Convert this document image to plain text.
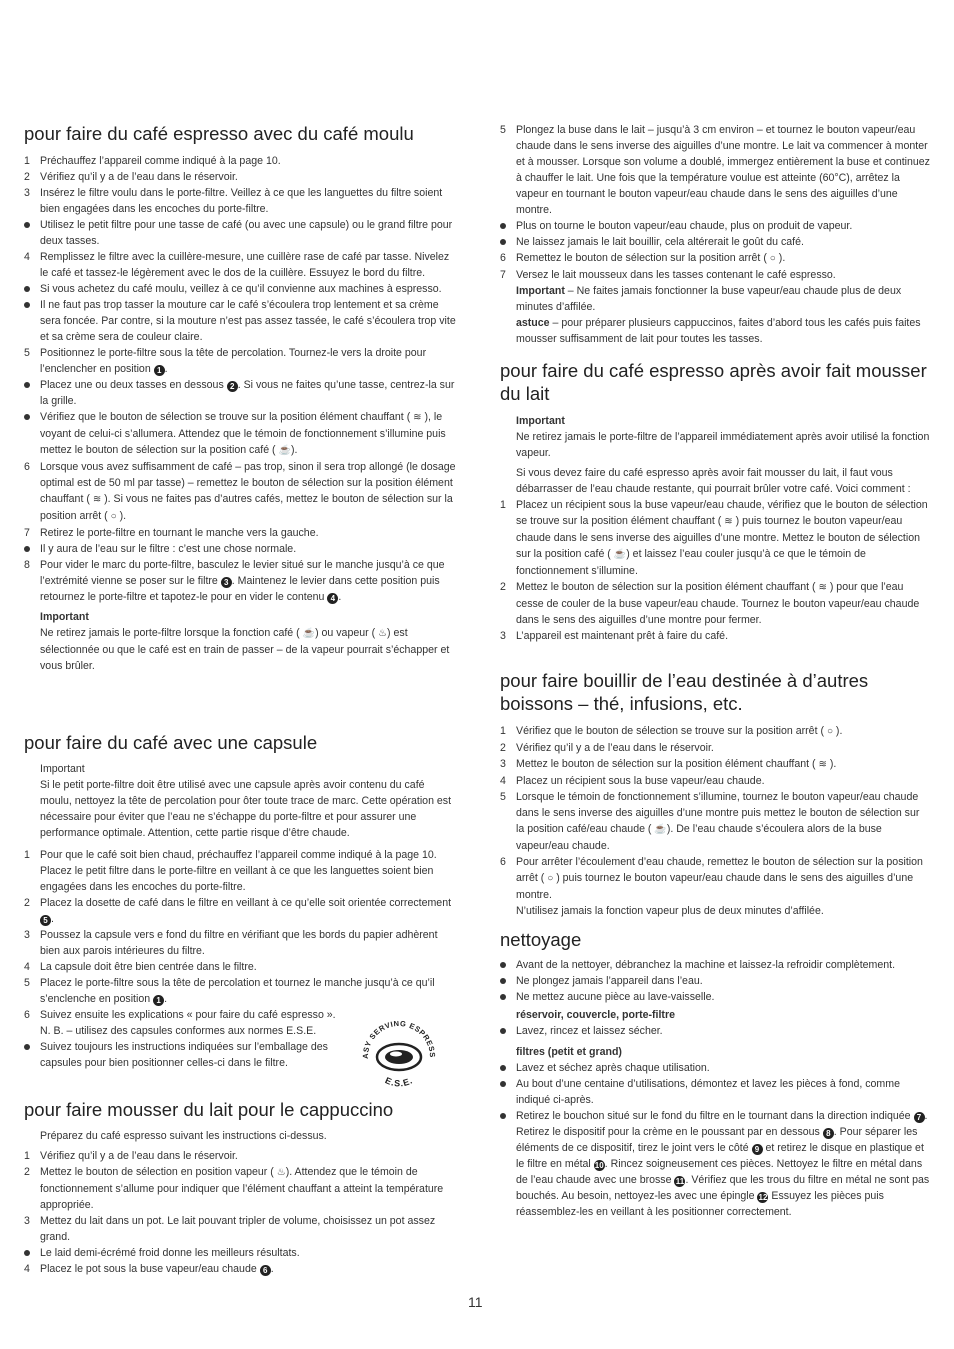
pour faire du café espresso avec du café moulu

1 Préchauffez l’appareil comme indiqué à la page 10.

2 Vérifiez qu’il y a de l’eau dans le réservoir.

3 Insérez le filtre voulu dans le porte-filtre. Veillez à ce que les languettes du filtre soient bien engagées dans les encoches du porte-filtre.

Utilisez le petit filtre pour une tasse de café (ou avec une capsule) ou le grand filtre pour deux tasses.

4 Remplissez le filtre avec la cuillère-mesure, une cuillère rase de café par tasse. Nivelez le café et tassez-le légèrement avec le dos de la cuillère. Essuyez le bord du filtre.

Si vous achetez du café moulu, veillez à ce qu’il convienne aux machines à espresso.

Il ne faut pas trop tasser la mouture car le café s’écoulera trop lentement et sa crème sera foncée. Par contre, si la mouture n’est pas assez tassée, le café s’écoulera trop vite et sa crème sera de couleur claire.

5 Positionnez le porte-filtre sous la tête de percolation. Tournez-le vers la droite pour l’enclencher en position 1 .

Placez une ou deux tasses en dessous 2 . Si vous ne faites qu’une tasse, centrez-la sur la grille.

Vérifiez que le bouton de sélection se trouve sur la position élément chauffant ( ≋ ), le voyant de celui-ci s’allumera. Attendez que le témoin de fonctionnement s’illumine puis mettez le bouton de sélection sur la position café ( ☕).

6 Lorsque vous avez suffisamment de café – pas trop, sinon il sera trop allongé (le dosage optimal est de 50 ml par tasse) – remettez le bouton de sélection sur la position élément chauffant ( ≋ ). Si vous ne faites pas d’autres cafés, mettez le bouton de sélection sur la position arrêt ( ○ ).

7 Retirez le porte-filtre en tournant le manche vers la gauche.

Il y aura de l’eau sur le filtre : c’est une chose normale.

8 Pour vider le marc du porte-filtre, basculez le levier situé sur le manche jusqu’à ce que l’extrémité vienne se poser sur le filtre 3 . Maintenez le levier dans cette position puis retournez le porte-filtre et tapotez-le pour en vider le contenu 4 .

Important

Ne retirez jamais le porte-filtre lorsque la fonction café ( ☕) ou vapeur ( ♨) est sélectionnée ou que le café est en train de passer – de la vapeur pourrait s’échapper et vous brûler.

pour faire du café avec une capsule

Important

Si le petit porte-filtre doit être utilisé avec une capsule après avoir contenu du café moulu, nettoyez la tête de percolation pour ôter toute trace de marc. Cette opération est nécessaire pour éviter que l’eau ne s’échappe du porte-filtre et pour assurer une performance optimale. Attention, cette partie risque d’être chaude.

1 Pour que le café soit bien chaud, préchauffez l’appareil comme indiqué à la page 10. Placez le petit filtre dans le porte-filtre en veillant à ce que les languettes soient bien engagées dans les encoches du porte-filtre.

2 Placez la dosette de café dans le filtre en veillant à ce qu’elle soit orientée correctement 5 .

3 Poussez la capsule vers e fond du filtre en vérifiant que les bords du papier adhèrent bien aux parois intérieures du filtre.

4 La capsule doit être bien centrée dans le filtre.

5 Placez le porte-filtre sous la tête de percolation et tournez le manche jusqu’à ce qu’il s’enclenche en position 1 .

6 Suivez ensuite les explications « pour faire du café espresso ». N. B. – utilisez des capsules conformes aux normes E.S.E.

Suivez toujours les instructions indiquées sur l’emballage des capsules pour bien positionner celles-ci dans le filtre.

ASY SERVING ESPRESS
E.S.E.
pour faire mousser du lait pour le cappuccino

Préparez du café espresso suivant les instructions ci-dessus.

1 Vérifiez qu’il y a de l’eau dans le réservoir.

2 Mettez le bouton de sélection en position vapeur ( ♨). Attendez que le témoin de fonctionnement s’allume pour indiquer que l’élément chauffant a atteint la température appropriée.

3 Mettez du lait dans un pot. Le lait pouvant tripler de volume, choisissez un pot assez grand.

Le laid demi-écrémé froid donne les meilleurs résultats.

4 Placez le pot sous la buse vapeur/eau chaude 6 .

5 Plongez la buse dans le lait – jusqu’à 3 cm environ – et tournez le bouton vapeur/eau chaude dans le sens inverse des aiguilles d’une montre. Le lait va commencer à monter et à mousser. Lorsque son volume a doublé, immergez entièrement la buse et continuez à chauffer le lait. Une fois que la température voulue est atteinte (60°C), arrêtez la vapeur en tournant le bouton vapeur/eau chaude dans le sens des aiguilles d’une montre.

Plus on tourne le bouton vapeur/eau chaude, plus on produit de vapeur.

Ne laissez jamais le lait bouillir, cela altérerait le goût du café.

6 Remettez le bouton de sélection sur la position arrêt ( ○ ).

7 Versez le lait mousseux dans les tasses contenant le café espresso.

Important – Ne faites jamais fonctionner la buse vapeur/eau chaude plus de deux minutes d’affilée.

astuce – pour préparer plusieurs cappuccinos, faites d’abord tous les cafés puis faites mousser suffisamment de lait pour toutes les tasses.

pour faire du café espresso après avoir fait mousser du lait

Important

Ne retirez jamais le porte-filtre de l’appareil immédiatement après avoir utilisé la fonction vapeur.

Si vous devez faire du café espresso après avoir fait mousser du lait, il faut vous débarrasser de l’eau chaude restante, qui pourrait brûler votre café. Voici comment :

1 Placez un récipient sous la buse vapeur/eau chaude, vérifiez que le bouton de sélection se trouve sur la position élément chauffant ( ≋ ) puis tournez le bouton vapeur/eau chaude dans le sens inverse des aiguilles d’une montre. Mettez le bouton de sélection sur la position café ( ☕) et laissez l’eau couler jusqu’à ce que le témoin de fonctionnement s’illumine.

2 Mettez le bouton de sélection sur la position élément chauffant ( ≋ ) pour que l’eau cesse de couler de la buse vapeur/eau chaude. Tournez le bouton vapeur/eau chaude dans le sens des aiguilles d’une montre pour fermer.

3 L’appareil est maintenant prêt à faire du café.

pour faire bouillir de l’eau destinée à d’autres boissons – thé, infusions, etc.

1 Vérifiez que le bouton de sélection se trouve sur la position arrêt ( ○ ).

2 Vérifiez qu’il y a de l’eau dans le réservoir.

3 Mettez le bouton de sélection sur la position élément chauffant ( ≋ ).

4 Placez un récipient sous la buse vapeur/eau chaude.

5 Lorsque le témoin de fonctionnement s’illumine, tournez le bouton vapeur/eau chaude dans le sens inverse des aiguilles d’une montre puis mettez le bouton de sélection sur la position café/eau chaude ( ☕). De l’eau chaude s’écoulera alors de la buse vapeur/eau chaude.

6 Pour arrêter l’écoulement d’eau chaude, remettez le bouton de sélection sur la position arrêt ( ○ ) puis tournez le bouton vapeur/eau chaude dans le sens des aiguilles d’une montre.

N’utilisez jamais la fonction vapeur plus de deux minutes d’affilée.

nettoyage

Avant de la nettoyer, débranchez la machine et laissez-la refroidir complètement.

Ne plongez jamais l’appareil dans l’eau.

Ne mettez aucune pièce au lave-vaisselle.

réservoir, couvercle, porte-filtre

Lavez, rincez et laissez sécher.

filtres (petit et grand)

Lavez et séchez après chaque utilisation.

Au bout d’une centaine d’utilisations, démontez et lavez les pièces à fond, comme indiqué ci-après.

Retirez le bouchon situé sur le fond du filtre en le tournant dans la direction indiquée 7 . Retirez le dispositif pour la crème en le poussant par en dessous 8 . Pour séparer les éléments de ce dispositif, tirez le joint vers le côté 9 et retirez le disque en plastique et le filtre en métal 10. Rincez soigneusement ces pièces. Nettoyez le filtre en métal dans de l’eau chaude avec une brosse 11. Vérifiez que les trous du filtre en métal ne sont pas bouchés. Au besoin, nettoyez-les avec une épingle 12 Essuyez les pièces puis réassemblez-les en veillant à les positionner correctement.

11
